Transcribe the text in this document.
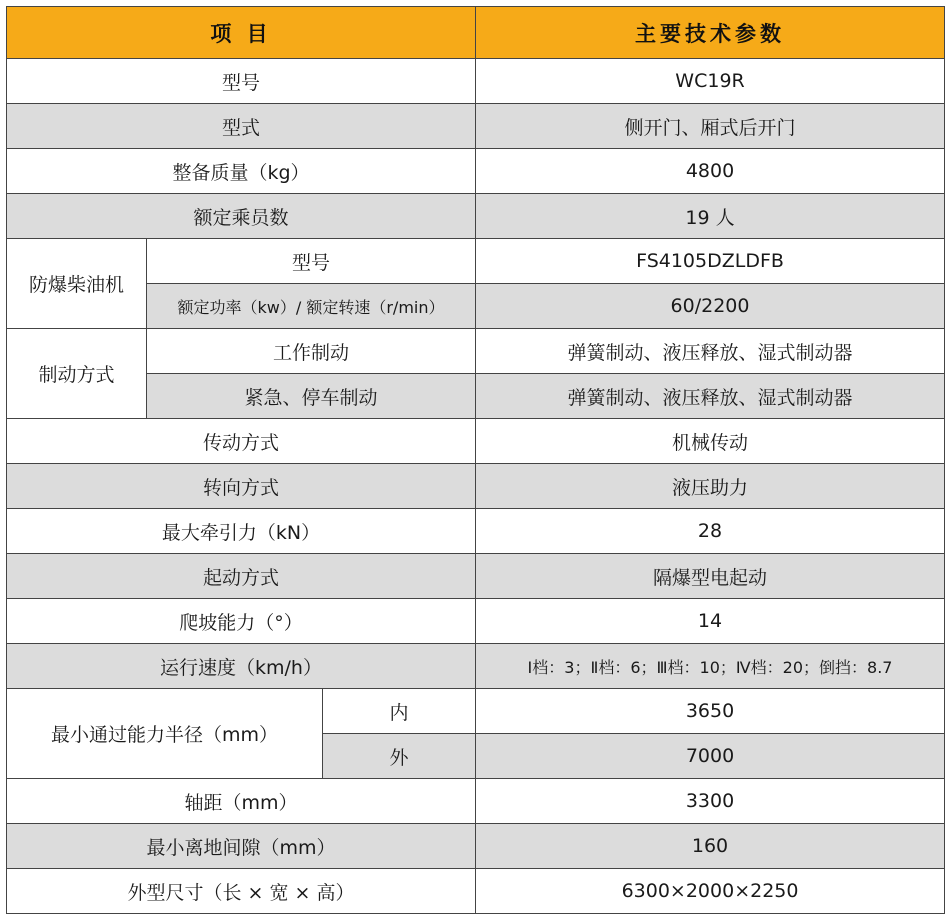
项 目			主要技术参数
型号			WC19R
型式			侧开门、厢式后开门
整备质量（kg）			4800
额定乘员数			19 人
防爆柴油机	型号		FS4105DZLDFB
	额定功率（kw）/ 额定转速（r/min）		60/2200
制动方式	工作制动		弹簧制动、液压释放、湿式制动器
	紧急、停车制动		弹簧制动、液压释放、湿式制动器
传动方式			机械传动
转向方式			液压助力
最大牵引力（kN）			28
起动方式			隔爆型电起动
爬坡能力（°）			14
运行速度（km/h）			Ⅰ档：3；Ⅱ档：6；Ⅲ档：10；Ⅳ档：20；倒挡：8.7
最小通过能力半径（mm）		内	3650
		外	7000
轴距（mm）			3300
最小离地间隙（mm）			160
外型尺寸（长 × 宽 × 高）			6300×2000×2250
